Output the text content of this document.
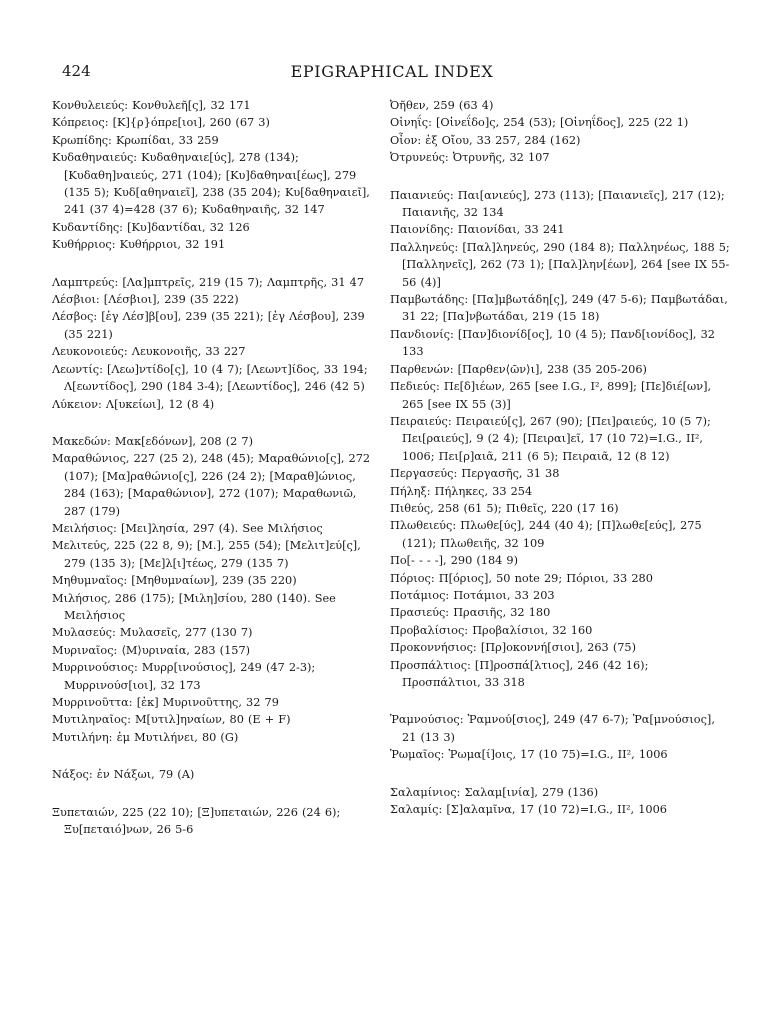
424	EPIGRAPHICAL INDEX
Κονθυλειεύς: Κονθυλεῆ[ς], 32 171
Κόπρειος: [Κ]{ρ}όπρε[ιοι], 260 (67 3)
Κρωπίδης: Κρωπίδαι, 33 259
Κυδαθηναιεύς: Κυδαθηναιε[ύς], 278 (134); [Κυδαθη]ναιεύς, 271 (104); [Κυ]δαθηναι[έως], 279 (135 5); Κυδ[αθηναιεῖ], 238 (35 204); Κυ[δαθηναιεῖ], 241 (37 4)=428 (37 6); Κυδαθηναιῆς, 32 147
Κυδαντίδης: [Κυ]δαντίδαι, 32 126
Κυθήρριος: Κυθήρριοι, 32 191
Λαμπτρεύς: [Λα]μπτρεῖς, 219 (15 7); Λαμπτρῆς, 31 47
Λέσβιοι: [Λέσβιοι], 239 (35 222)
Λέσβος: [ἐγ Λέσ]β[ου], 239 (35 221); [ἐγ Λέσβου], 239 (35 221)
Λευκονοιεύς: Λευκονοιῆς, 33 227
Λεωντίς: [Λεω]ντίδο[ς], 10 (4 7); [Λεωντ]ίδος, 33 194; Λ[εωντίδος], 290 (184 3-4); [Λεωντίδος], 246 (42 5)
Λύκειον: Λ[υκείωι], 12 (8 4)
Μακεδών: Μακ[εδόνων], 208 (2 7)
Μαραθώνιος, 227 (25 2), 248 (45); Μαραθώνιο[ς], 272 (107); [Μα]ραθώνιο[ς], 226 (24 2); [Μαραθ]ώνιος, 284 (163); [Μαραθώνιον], 272 (107); Μαραθωνιῶ, 287 (179)
Μειλήσιος: [Μει]λησία, 297 (4). See Μιλήσιος
Μελιτεύς, 225 (22 8, 9); [Μ.], 255 (54); [Μελιτ]εύ[ς], 279 (135 3); [Με]λ[ι]τέως, 279 (135 7)
Μηθυμναῖος: [Μηθυμναίων], 239 (35 220)
Μιλήσιος, 286 (175); [Μιλη]σίου, 280 (140). See Μειλήσιος
Μυλασεύς: Μυλασεῖς, 277 (130 7)
Μυριναῖος: ⟨Μ⟩υριναία, 283 (157)
Μυρρινούσιος: Μυρρ[ινούσιος], 249 (47 2-3); Μυρρινούσ[ιοι], 32 173
Μυρρινοῦττα: [ἐκ] Μυρινοῦττης, 32 79
Μυτιληναῖος: Μ[υτιλ]ηναίων, 80 (E + F)
Μυτιλήνη: ἐμ Μυτιλήνει, 80 (G)
Νάξος: ἐν Νάξωι, 79 (A)
Ξυπεταιών, 225 (22 10); [Ξ]υπεταιών, 226 (24 6); Ξυ[πεταιό]νων, 26 5-6
Ὀῆθεν, 259 (63 4)
Οἰνηΐς: [Οἰνεΐδο]ς, 254 (53); [Οἰνηΐδος], 225 (22 1)
Οἶον: ἐξ Οἴου, 33 257, 284 (162)
Ὀτρυνεύς: Ὀτρυνῆς, 32 107
Παιανιεύς: Παι[ανιεύς], 273 (113); [Παιανιεῖς], 217 (12); Παιανιῆς, 32 134
Παιονίδης: Παιονίδαι, 33 241
Παλληνεύς: [Παλ]ληνεύς, 290 (184 8); Παλληνέως, 188 5; [Παλληνεῖς], 262 (73 1); [Παλ]λην[έων], 264 [see IX 55-56 (4)]
Παμβωτάδης: [Πα]μβωτάδη[ς], 249 (47 5-6); Παμβωτάδαι, 31 22; [Πα]νβωτάδαι, 219 (15 18)
Πανδιονίς: [Παν]διονίδ[ος], 10 (4 5); Πανδ[ιονίδος], 32 133
Παρθενών: [Παρθεν⟨ῶν⟩ι], 238 (35 205-206)
Πεδιεύς: Πε[δ]ιέων, 265 [see I.G., I², 899]; [Πε]διέ[ων], 265 [see IX 55 (3)]
Πειραιεύς: Πειραιεύ[ς], 267 (90); [Πει]ραιεύς, 10 (5 7); Πει[ραιεύς], 9 (2 4); [Πειραι]εῖ, 17 (10 72)=I.G., II², 1006; Πει[ρ]αιᾶ, 211 (6 5); Πειραιᾶ, 12 (8 12)
Περγασεύς: Περγασῆς, 31 38
Πήληξ: Πήληκες, 33 254
Πιθεύς, 258 (61 5); Πιθεῖς, 220 (17 16)
Πλωθειεύς: Πλωθε[ύς], 244 (40 4); [Π]λωθε[εύς], 275 (121); Πλωθειῆς, 32 109
Πο[- - - -], 290 (184 9)
Πόριος: Π[όριος], 50 note 29; Πόριοι, 33 280
Ποτάμιος: Ποτάμιοι, 33 203
Πρασιεύς: Πρασιῆς, 32 180
Προβαλίσιος: Προβαλίσιοι, 32 160
Προκοννήσιος: [Πρ]οκοννή[σιοι], 263 (75)
Προσπάλτιος: [Π]ροσπά[λτιος], 246 (42 16); Προσπάλτιοι, 33 318
Ῥαμνούσιος: Ῥαμνού[σιος], 249 (47 6-7); Ῥα[μνούσιος], 21 (13 3)
Ῥωμαῖος: Ῥωμα[ί]οις, 17 (10 75)=I.G., II², 1006
Σαλαμίνιος: Σαλαμ[ινία], 279 (136)
Σαλαμίς: [Σ]αλαμῖνα, 17 (10 72)=I.G., II², 1006
